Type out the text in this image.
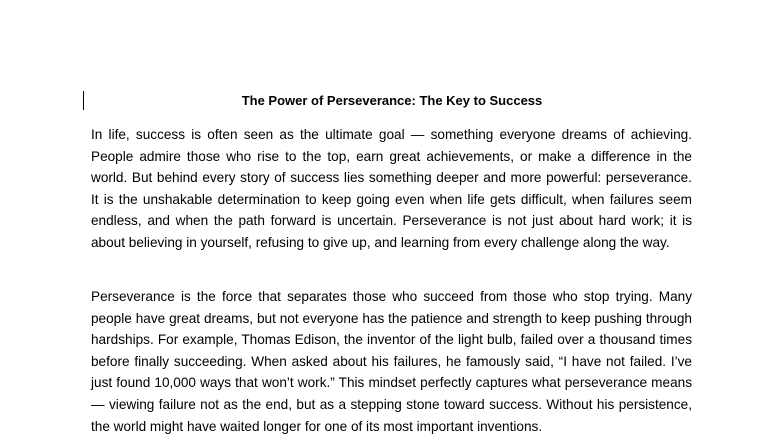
The Power of Perseverance: The Key to Success

In life, success is often seen as the ultimate goal — something everyone dreams of achieving. People admire those who rise to the top, earn great achievements, or make a difference in the world. But behind every story of success lies something deeper and more powerful: perseverance. It is the unshakable determination to keep going even when life gets difficult, when failures seem endless, and when the path forward is uncertain. Perseverance is not just about hard work; it is about believing in yourself, refusing to give up, and learning from every challenge along the way.

Perseverance is the force that separates those who succeed from those who stop trying. Many people have great dreams, but not everyone has the patience and strength to keep pushing through hardships. For example, Thomas Edison, the inventor of the light bulb, failed over a thousand times before finally succeeding. When asked about his failures, he famously said, “I have not failed. I’ve just found 10,000 ways that won’t work.” This mindset perfectly captures what perseverance means — viewing failure not as the end, but as a stepping stone toward success. Without his persistence, the world might have waited longer for one of its most important inventions.
